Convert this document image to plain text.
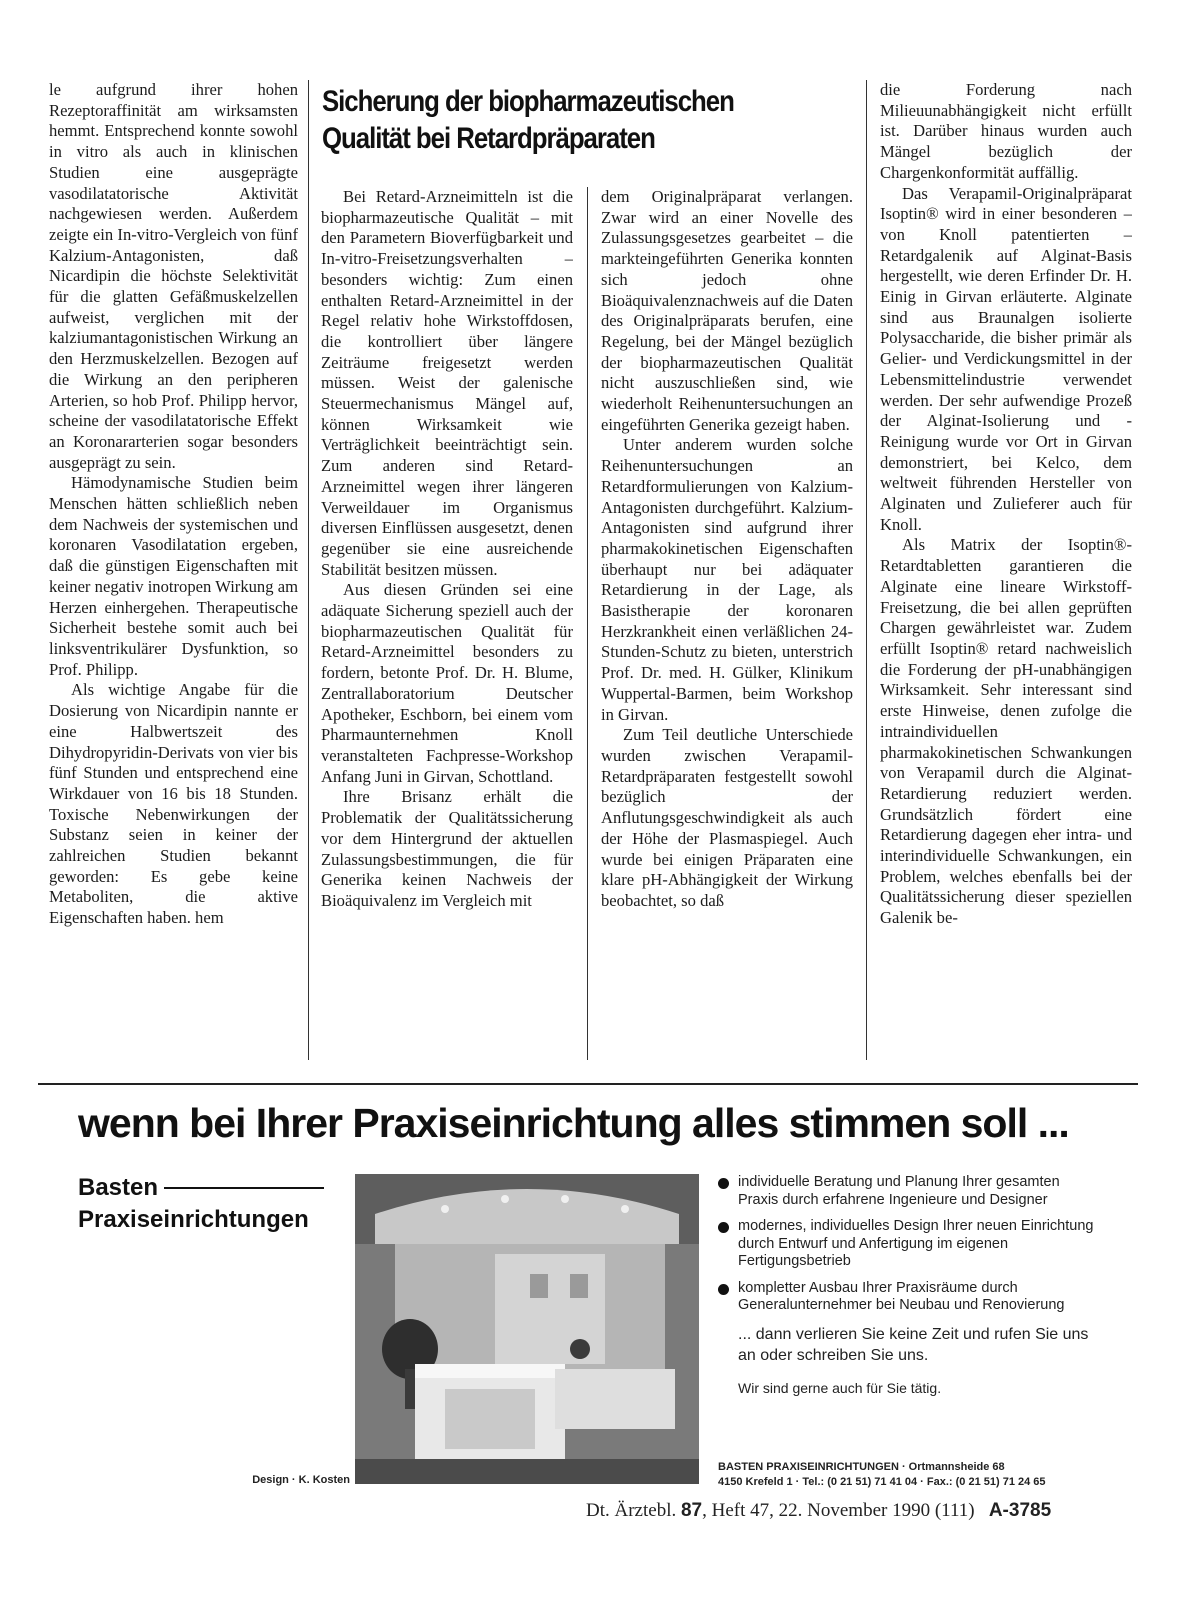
le aufgrund ihrer hohen Rezeptoraffinität am wirksamsten hemmt. Entsprechend konnte sowohl in vitro als auch in klinischen Studien eine ausgeprägte vasodilatatorische Aktivität nachgewiesen werden. Außerdem zeigte ein In-vitro-Vergleich von fünf Kalzium-Antagonisten, daß Nicardipin die höchste Selektivität für die glatten Gefäßmuskelzellen aufweist, verglichen mit der kalziumantagonistischen Wirkung an den Herzmuskelzellen. Bezogen auf die Wirkung an den peripheren Arterien, so hob Prof. Philipp hervor, scheine der vasodilatatorische Effekt an Koronararterien sogar besonders ausgeprägt zu sein.

Hämodynamische Studien beim Menschen hätten schließlich neben dem Nachweis der systemischen und koronaren Vasodilatation ergeben, daß die günstigen Eigenschaften mit keiner negativ inotropen Wirkung am Herzen einhergehen. Therapeutische Sicherheit bestehe somit auch bei linksventrikulärer Dysfunktion, so Prof. Philipp.

Als wichtige Angabe für die Dosierung von Nicardipin nannte er eine Halbwertszeit des Dihydropyridin-Derivats von vier bis fünf Stunden und entsprechend eine Wirkdauer von 16 bis 18 Stunden. Toxische Nebenwirkungen der Substanz seien in keiner der zahlreichen Studien bekannt geworden: Es gebe keine Metaboliten, die aktive Eigenschaften haben. hem

Sicherung der biopharmazeutischen Qualität bei Retardpräparaten

Bei Retard-Arzneimitteln ist die biopharmazeutische Qualität – mit den Parametern Bioverfügbarkeit und In-vitro-Freisetzungsverhalten – besonders wichtig: Zum einen enthalten Retard-Arzneimittel in der Regel relativ hohe Wirkstoffdosen, die kontrolliert über längere Zeiträume freigesetzt werden müssen. Weist der galenische Steuermechanismus Mängel auf, können Wirksamkeit wie Verträglichkeit beeinträchtigt sein. Zum anderen sind Retard-Arzneimittel wegen ihrer längeren Verweildauer im Organismus diversen Einflüssen ausgesetzt, denen gegenüber sie eine ausreichende Stabilität besitzen müssen.

Aus diesen Gründen sei eine adäquate Sicherung speziell auch der biopharmazeutischen Qualität für Retard-Arzneimittel besonders zu fordern, betonte Prof. Dr. H. Blume, Zentrallaboratorium Deutscher Apotheker, Eschborn, bei einem vom Pharmaunternehmen Knoll veranstalteten Fachpresse-Workshop Anfang Juni in Girvan, Schottland.

Ihre Brisanz erhält die Problematik der Qualitätssicherung vor dem Hintergrund der aktuellen Zulassungsbestimmungen, die für Generika keinen Nachweis der Bioäquivalenz im Vergleich mit

dem Originalpräparat verlangen. Zwar wird an einer Novelle des Zulassungsgesetzes gearbeitet – die markteingeführten Generika konnten sich jedoch ohne Bioäquivalenznachweis auf die Daten des Originalpräparats berufen, eine Regelung, bei der Mängel bezüglich der biopharmazeutischen Qualität nicht auszuschließen sind, wie wiederholt Reihenuntersuchungen an eingeführten Generika gezeigt haben.

Unter anderem wurden solche Reihenuntersuchungen an Retardformulierungen von Kalzium-Antagonisten durchgeführt. Kalzium-Antagonisten sind aufgrund ihrer pharmakokinetischen Eigenschaften überhaupt nur bei adäquater Retardierung in der Lage, als Basistherapie der koronaren Herzkrankheit einen verläßlichen 24-Stunden-Schutz zu bieten, unterstrich Prof. Dr. med. H. Gülker, Klinikum Wuppertal-Barmen, beim Workshop in Girvan.

Zum Teil deutliche Unterschiede wurden zwischen Verapamil-Retardpräparaten festgestellt sowohl bezüglich der Anflutungsgeschwindigkeit als auch der Höhe der Plasmaspiegel. Auch wurde bei einigen Präparaten eine klare pH-Abhängigkeit der Wirkung beobachtet, so daß

die Forderung nach Milieuunabhängigkeit nicht erfüllt ist. Darüber hinaus wurden auch Mängel bezüglich der Chargenkonformität auffällig.

Das Verapamil-Originalpräparat Isoptin® wird in einer besonderen – von Knoll patentierten – Retardgalenik auf Alginat-Basis hergestellt, wie deren Erfinder Dr. H. Einig in Girvan erläuterte. Alginate sind aus Braunalgen isolierte Polysaccharide, die bisher primär als Gelier- und Verdickungsmittel in der Lebensmittelindustrie verwendet werden. Der sehr aufwendige Prozeß der Alginat-Isolierung und -Reinigung wurde vor Ort in Girvan demonstriert, bei Kelco, dem weltweit führenden Hersteller von Alginaten und Zulieferer auch für Knoll.

Als Matrix der Isoptin®-Retardtabletten garantieren die Alginate eine lineare Wirkstoff-Freisetzung, die bei allen geprüften Chargen gewährleistet war. Zudem erfüllt Isoptin® retard nachweislich die Forderung der pH-unabhängigen Wirksamkeit. Sehr interessant sind erste Hinweise, denen zufolge die intraindividuellen pharmakokinetischen Schwankungen von Verapamil durch die Alginat-Retardierung reduziert werden. Grundsätzlich fördert eine Retardierung dagegen eher intra- und interindividuelle Schwankungen, ein Problem, welches ebenfalls bei der Qualitätssicherung dieser speziellen Galenik be-

wenn bei Ihrer Praxiseinrichtung alles stimmen soll ...
Basten
Praxiseinrichtungen
Design · K. Kosten
individuelle Beratung und Planung Ihrer gesamten Praxis durch erfahrene Ingenieure und Designer
modernes, individuelles Design Ihrer neuen Einrichtung durch Entwurf und Anfertigung im eigenen Fertigungsbetrieb
kompletter Ausbau Ihrer Praxisräume durch Generalunternehmer bei Neubau und Renovierung
... dann verlieren Sie keine Zeit und rufen Sie uns an oder schreiben Sie uns.
Wir sind gerne auch für Sie tätig.
BASTEN PRAXISEINRICHTUNGEN · Ortmannsheide 68
4150 Krefeld 1 · Tel.: (0 21 51) 71 41 04 · Fax.: (0 21 51) 71 24 65
Dt. Ärztebl. 87, Heft 47, 22. November 1990 (111) A-3785
